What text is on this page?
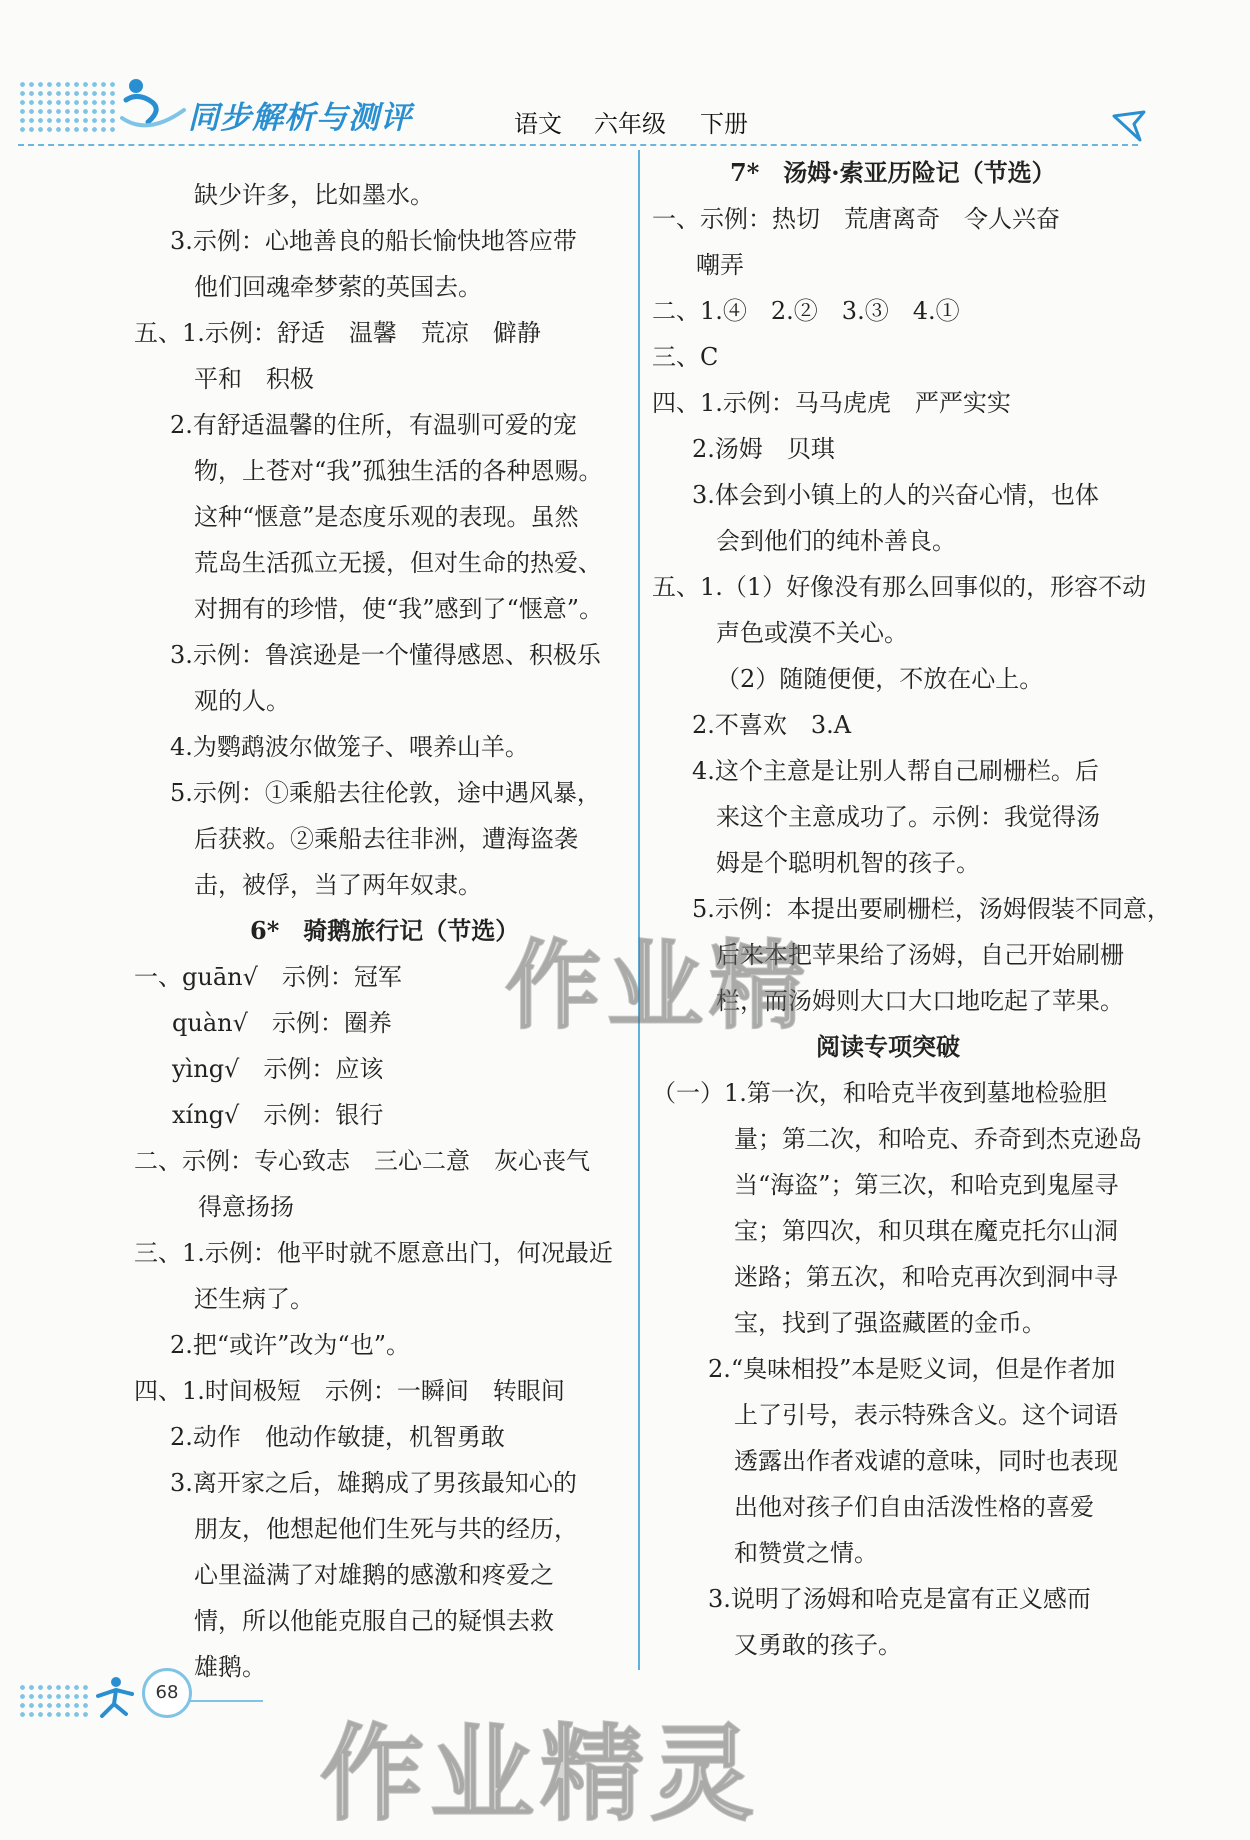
同步解析与测评	语文 六年级 下册
缺少许多，比如墨水。
3.示例：心地善良的船长愉快地答应带
他们回魂牵梦萦的英国去。
五、1.示例：舒适　温馨　荒凉　僻静
平和　积极
2.有舒适温馨的住所，有温驯可爱的宠
物，上苍对“我”孤独生活的各种恩赐。
这种“惬意”是态度乐观的表现。虽然
荒岛生活孤立无援，但对生命的热爱、
对拥有的珍惜，使“我”感到了“惬意”。
3.示例：鲁滨逊是一个懂得感恩、积极乐
观的人。
4.为鹦鹉波尔做笼子、喂养山羊。
5.示例：①乘船去往伦敦，途中遇风暴，
后获救。②乘船去往非洲，遭海盗袭
击，被俘，当了两年奴隶。
6*　骑鹅旅行记（节选）
一、guān√　示例：冠军
quàn√　示例：圈养
yìng√　示例：应该
xíng√　示例：银行
二、示例：专心致志　三心二意　灰心丧气
得意扬扬
三、1.示例：他平时就不愿意出门，何况最近
还生病了。
2.把“或许”改为“也”。
四、1.时间极短　示例：一瞬间　转眼间
2.动作　他动作敏捷，机智勇敢
3.离开家之后，雄鹅成了男孩最知心的
朋友，他想起他们生死与共的经历，
心里溢满了对雄鹅的感激和疼爱之
情，所以他能克服自己的疑惧去救
雄鹅。
7*　汤姆·索亚历险记（节选）
一、示例：热切　荒唐离奇　令人兴奋
嘲弄
二、1.④　2.②　3.③　4.①
三、C
四、1.示例：马马虎虎　严严实实
2.汤姆　贝琪
3.体会到小镇上的人的兴奋心情，也体
会到他们的纯朴善良。
五、1.（1）好像没有那么回事似的，形容不动
声色或漠不关心。
（2）随随便便，不放在心上。
2.不喜欢　3.A
4.这个主意是让别人帮自己刷栅栏。后
来这个主意成功了。示例：我觉得汤
姆是个聪明机智的孩子。
5.示例：本提出要刷栅栏，汤姆假装不同意，
后来本把苹果给了汤姆，自己开始刷栅
栏，而汤姆则大口大口地吃起了苹果。
阅读专项突破
（一）1.第一次，和哈克半夜到墓地检验胆
量；第二次，和哈克、乔奇到杰克逊岛
当“海盗”；第三次，和哈克到鬼屋寻
宝；第四次，和贝琪在魔克托尔山洞
迷路；第五次，和哈克再次到洞中寻
宝，找到了强盗藏匿的金币。
2.“臭味相投”本是贬义词，但是作者加
上了引号，表示特殊含义。这个词语
透露出作者戏谑的意味，同时也表现
出他对孩子们自由活泼性格的喜爱
和赞赏之情。
3.说明了汤姆和哈克是富有正义感而
又勇敢的孩子。
作业精
作业精灵
68
